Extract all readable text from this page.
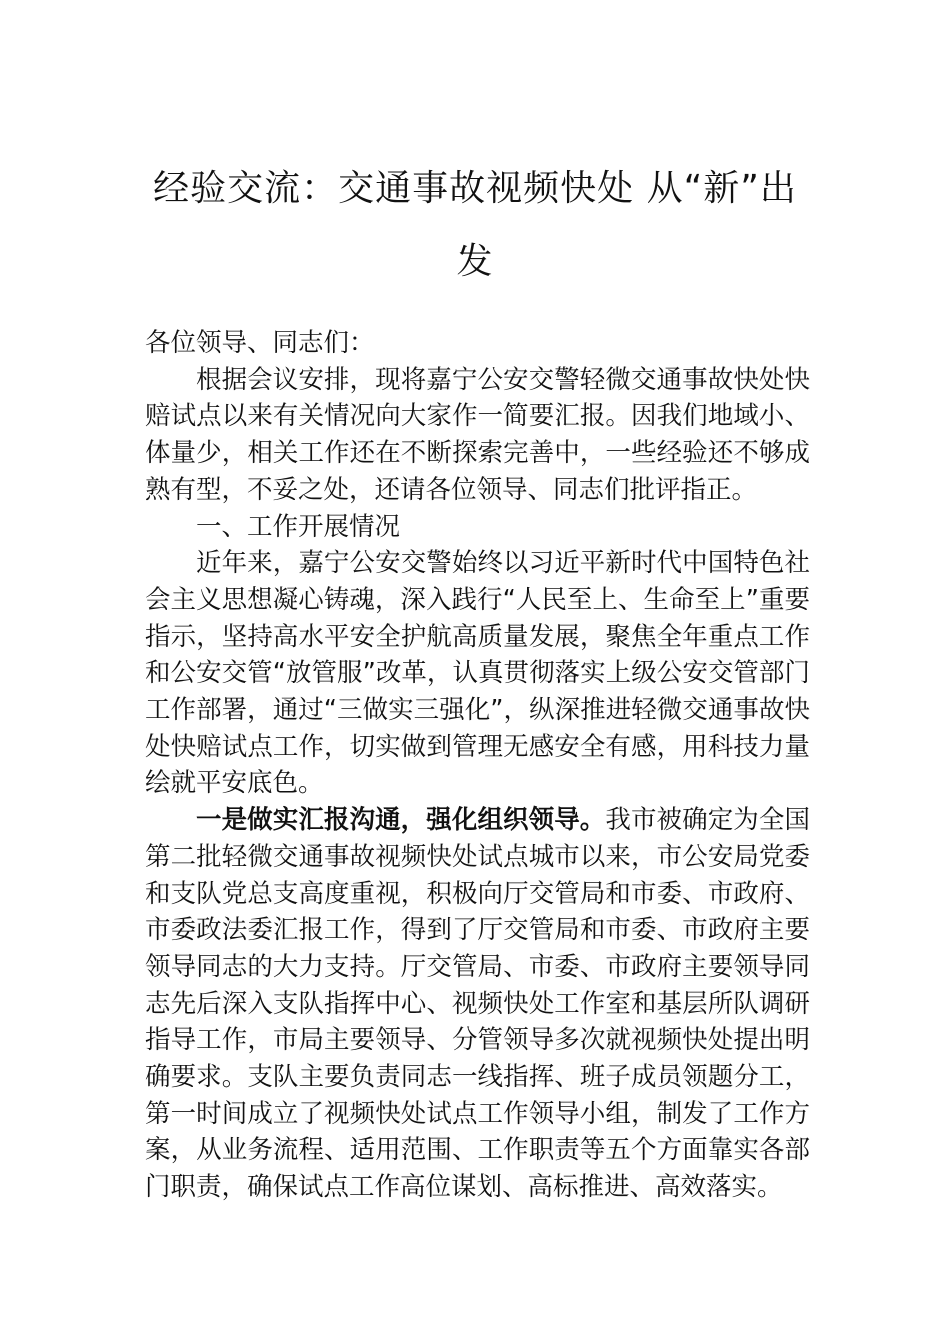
经验交流：交通事故视频快处 从“新”出发

各位领导、同志们：

根据会议安排，现将嘉宁公安交警轻微交通事故快处快赔试点以来有关情况向大家作一简要汇报。因我们地域小、体量少，相关工作还在不断探索完善中，一些经验还不够成熟有型，不妥之处，还请各位领导、同志们批评指正。

一、工作开展情况

近年来，嘉宁公安交警始终以习近平新时代中国特色社会主义思想凝心铸魂，深入践行“人民至上、生命至上”重要指示，坚持高水平安全护航高质量发展，聚焦全年重点工作和公安交管“放管服”改革，认真贯彻落实上级公安交管部门工作部署，通过“三做实三强化”，纵深推进轻微交通事故快处快赔试点工作，切实做到管理无感安全有感，用科技力量绘就平安底色。

一是做实汇报沟通，强化组织领导。我市被确定为全国第二批轻微交通事故视频快处试点城市以来，市公安局党委和支队党总支高度重视，积极向厅交管局和市委、市政府、市委政法委汇报工作，得到了厅交管局和市委、市政府主要领导同志的大力支持。厅交管局、市委、市政府主要领导同志先后深入支队指挥中心、视频快处工作室和基层所队调研指导工作，市局主要领导、分管领导多次就视频快处提出明确要求。支队主要负责同志一线指挥、班子成员领题分工，第一时间成立了视频快处试点工作领导小组，制发了工作方案，从业务流程、适用范围、工作职责等五个方面靠实各部门职责，确保试点工作高位谋划、高标推进、高效落实。
